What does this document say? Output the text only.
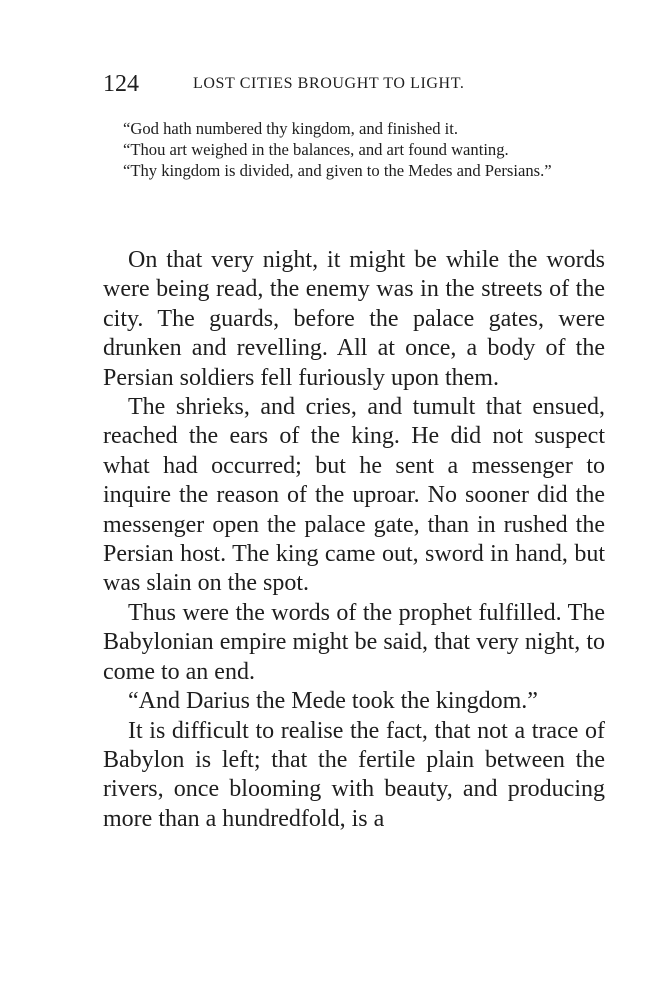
124	LOST CITIES BROUGHT TO LIGHT.

“God hath numbered thy kingdom, and finished it.

“Thou art weighed in the balances, and art found wanting.

“Thy kingdom is divided, and given to the Medes and Persians.”

On that very night, it might be while the words were being read, the enemy was in the streets of the city. The guards, before the palace gates, were drunken and revelling. All at once, a body of the Persian soldiers fell furiously upon them.

The shrieks, and cries, and tumult that ensued, reached the ears of the king. He did not suspect what had occurred; but he sent a messenger to inquire the reason of the uproar. No sooner did the messenger open the palace gate, than in rushed the Persian host. The king came out, sword in hand, but was slain on the spot.

Thus were the words of the prophet fulfilled. The Babylonian empire might be said, that very night, to come to an end.

“And Darius the Mede took the kingdom.”

It is difficult to realise the fact, that not a trace of Babylon is left; that the fertile plain between the rivers, once blooming with beauty, and producing more than a hundredfold, is a
